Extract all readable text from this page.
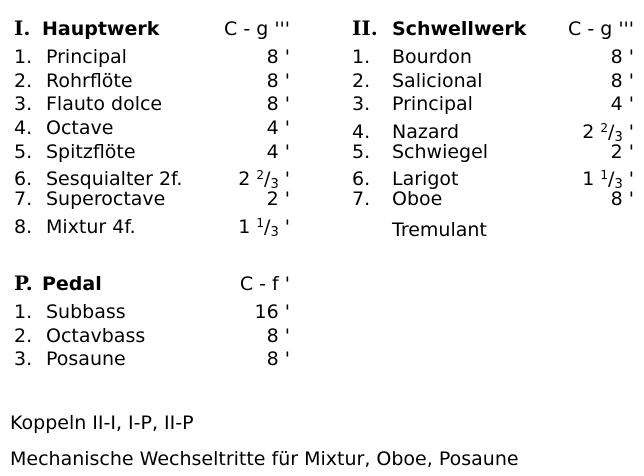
I. Hauptwerk	C - g '''
1. Principal	8 '
2. Rohrflöte	8 '
3. Flauto dolce	8 '
4. Octave	4 '
5. Spitzflöte	4 '
6. Sesquialter 2f.	2 $^2/_3$ '
7. Superoctave	2 '
8. Mixtur 4f.	1 $^1/_3$ '
II. Schwellwerk	C - g '''
1.	Bourdon	8 '
2.	Salicional	8 '
3.	Principal	4 '
4.	Nazard	2 $^2/_3$ '
5.	Schwiegel	2 '
6.	Larigot	1 $^1/_3$ '
7.	Oboe	8 '
Tremulant
P. Pedal	C - f '
1. Subbass	16 '
2. Octavbass	8 '
3. Posaune	8 '
Koppeln II-I, I-P, II-P
Mechanische Wechseltritte für Mixtur, Oboe, Posaune
